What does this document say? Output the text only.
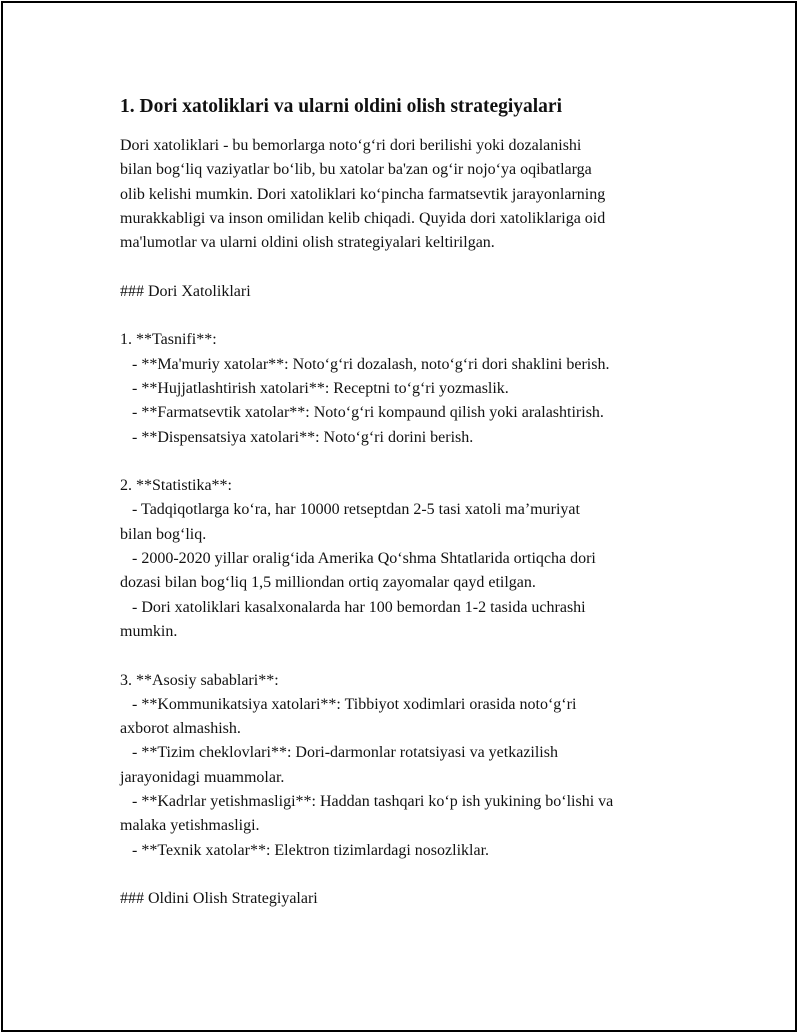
1. Dori xatoliklari va ularni oldini olish strategiyalari
Dori xatoliklari - bu bemorlarga noto‘g‘ri dori berilishi yoki dozalanishi
bilan bog‘liq vaziyatlar bo‘lib, bu xatolar ba'zan og‘ir nojo‘ya oqibatlarga
olib kelishi mumkin. Dori xatoliklari ko‘pincha farmatsevtik jarayonlarning
murakkabligi va inson omilidan kelib chiqadi. Quyida dori xatoliklariga oid
ma'lumotlar va ularni oldini olish strategiyalari keltirilgan.

### Dori Xatoliklari

1. **Tasnifi**:
- **Ma'muriy xatolar**: Noto‘g‘ri dozalash, noto‘g‘ri dori shaklini berish.
- **Hujjatlashtirish xatolari**: Receptni to‘g‘ri yozmaslik.
- **Farmatsevtik xatolar**: Noto‘g‘ri kompaund qilish yoki aralashtirish.
- **Dispensatsiya xatolari**: Noto‘g‘ri dorini berish.

2. **Statistika**:
- Tadqiqotlarga ko‘ra, har 10000 retseptdan 2-5 tasi xatoli ma’muriyat
bilan bog‘liq.
- 2000-2020 yillar oralig‘ida Amerika Qo‘shma Shtatlarida ortiqcha dori
dozasi bilan bog‘liq 1,5 milliondan ortiq zayomalar qayd etilgan.
- Dori xatoliklari kasalxonalarda har 100 bemordan 1-2 tasida uchrashi
mumkin.

3. **Asosiy sabablari**:
- **Kommunikatsiya xatolari**: Tibbiyot xodimlari orasida noto‘g‘ri
axborot almashish.
- **Tizim cheklovlari**: Dori-darmonlar rotatsiyasi va yetkazilish
jarayonidagi muammolar.
- **Kadrlar yetishmasligi**: Haddan tashqari ko‘p ish yukining bo‘lishi va
malaka yetishmasligi.
- **Texnik xatolar**: Elektron tizimlardagi nosozliklar.

### Oldini Olish Strategiyalari
